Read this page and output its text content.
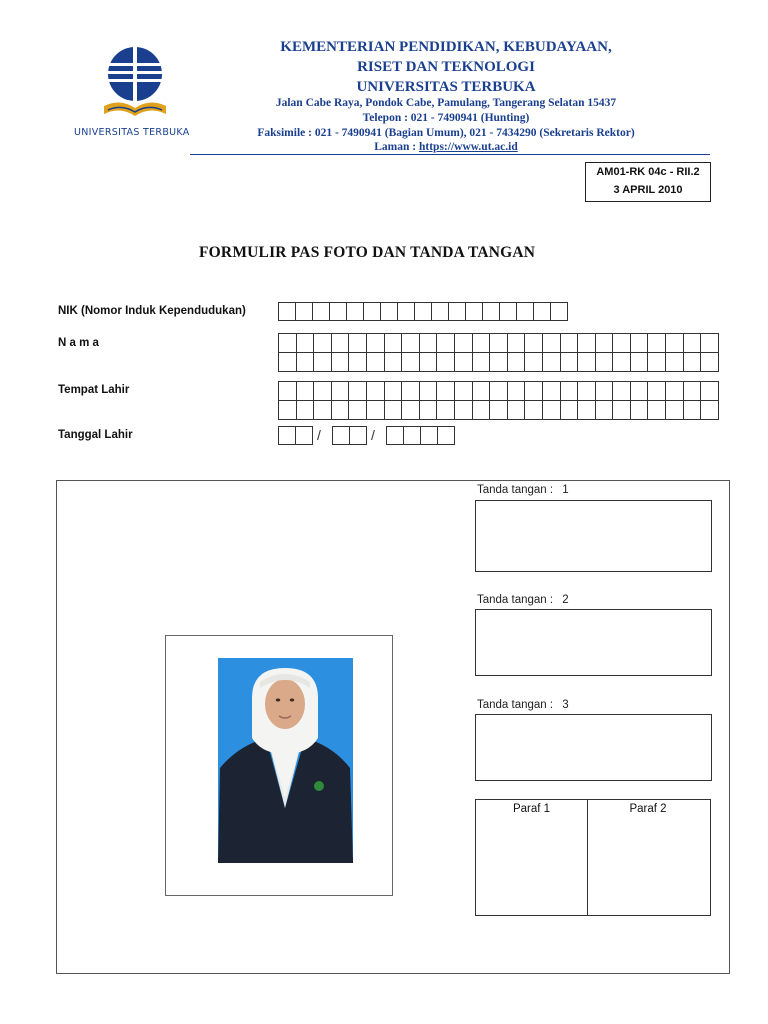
UNIVERSITAS TERBUKA
KEMENTERIAN PENDIDIKAN, KEBUDAYAAN,
RISET DAN TEKNOLOGI
UNIVERSITAS TERBUKA
Jalan Cabe Raya, Pondok Cabe, Pamulang, Tangerang Selatan 15437
Telepon : 021 - 7490941 (Hunting)
Faksimile : 021 - 7490941 (Bagian Umum), 021 - 7434290 (Sekretaris Rektor)
Laman : https://www.ut.ac.id
AM01-RK 04c - RII.2
3 APRIL 2010
FORMULIR PAS FOTO DAN TANDA TANGAN
NIK (Nomor Induk Kependudukan)
N a m a
Tempat Lahir
Tanggal Lahir	/	/
Tanda tangan : 1
Tanda tangan : 2
Tanda tangan : 3
Paraf 1	Paraf 2
